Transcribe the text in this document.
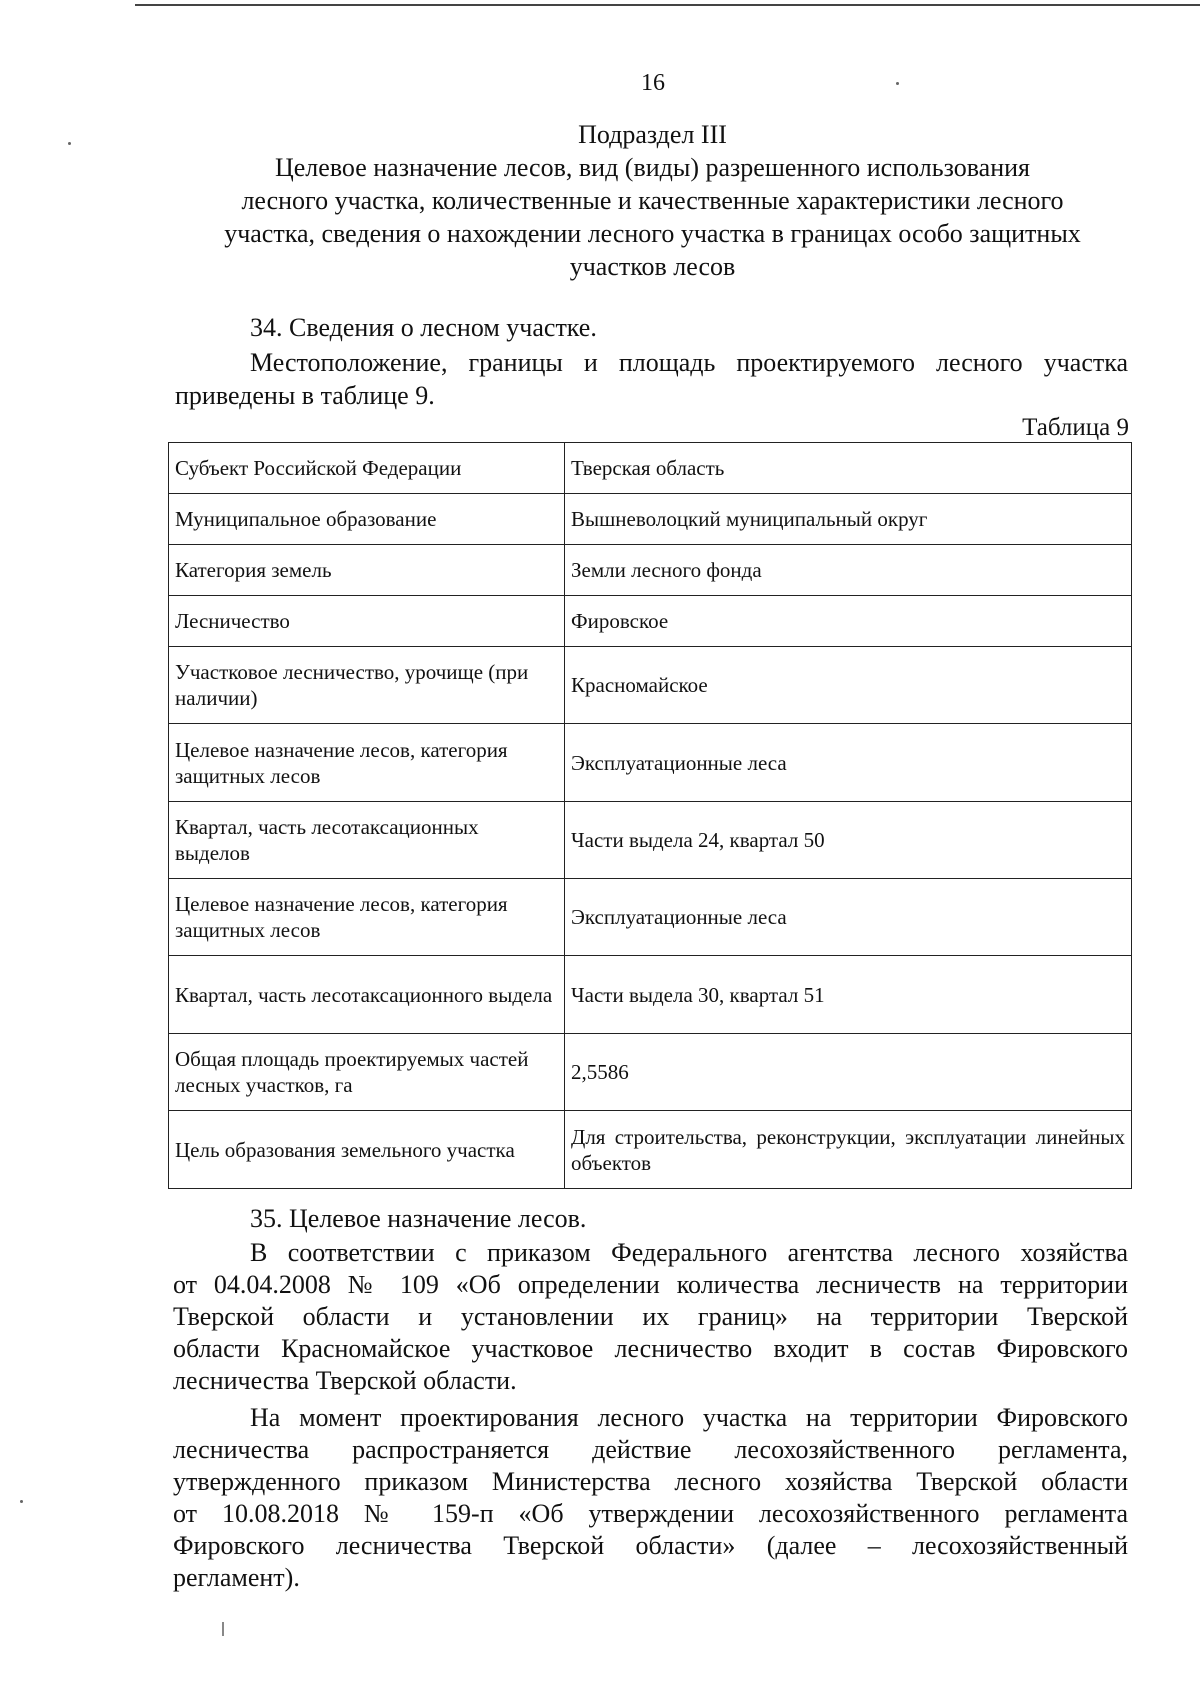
16
Подраздел III
Целевое назначение лесов, вид (виды) разрешенного использования
лесного участка, количественные и качественные характеристики лесного
участка, сведения о нахождении лесного участка в границах особо защитных
участков лесов
34. Сведения о лесном участке.
Местоположение, границы и площадь проектируемого лесного участка
приведены в таблице 9.
Таблица 9
Субъект Российской Федерации	Тверская область
Муниципальное образование	Вышневолоцкий муниципальный округ
Категория земель	Земли лесного фонда
Лесничество	Фировское
Участковое лесничество, урочище (при наличии)	Красномайское
Целевое назначение лесов, категория защитных лесов	Эксплуатационные леса
Квартал, часть лесотаксационных выделов	Части выдела 24, квартал 50
Целевое назначение лесов, категория защитных лесов	Эксплуатационные леса
Квартал, часть лесотаксационного выдела	Части выдела 30, квартал 51
Общая площадь проектируемых частей лесных участков, га	2,5586
Цель образования земельного участка	Для строительства, реконструкции, эксплуатации линейных объектов
35. Целевое назначение лесов.
В соответствии с приказом Федерального агентства лесного хозяйства
от 04.04.2008 № 109 «Об определении количества лесничеств на территории
Тверской области и установлении их границ» на территории Тверской
области Красномайское участковое лесничество входит в состав Фировского
лесничества Тверской области.
На момент проектирования лесного участка на территории Фировского
лесничества распространяется действие лесохозяйственного регламента,
утвержденного приказом Министерства лесного хозяйства Тверской области
от 10.08.2018 № 159-п «Об утверждении лесохозяйственного регламента
Фировского лесничества Тверской области» (далее – лесохозяйственный
регламент).
